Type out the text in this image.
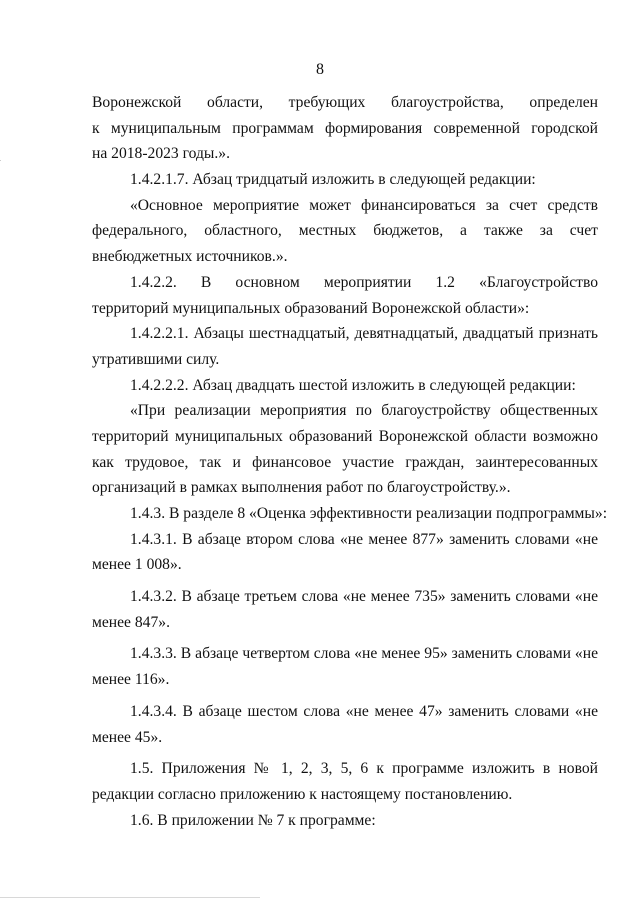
8
Воронежской области, требующих благоустройства, определен
к муниципальным программам формирования современной городской
на 2018-2023 годы.».
1.4.2.1.7. Абзац тридцатый изложить в следующей редакции:
«Основное мероприятие может финансироваться за счет средств
федерального, областного, местных бюджетов, а также за счет
внебюджетных источников.».
1.4.2.2. В основном мероприятии 1.2 «Благоустройство
территорий муниципальных образований Воронежской области»:
1.4.2.2.1. Абзацы шестнадцатый, девятнадцатый, двадцатый признать
утратившими силу.
1.4.2.2.2. Абзац двадцать шестой изложить в следующей редакции:
«При реализации мероприятия по благоустройству общественных
территорий муниципальных образований Воронежской области возможно
как трудовое, так и финансовое участие граждан, заинтересованных
организаций в рамках выполнения работ по благоустройству.».
1.4.3. В разделе 8 «Оценка эффективности реализации подпрограммы»:
1.4.3.1. В абзаце втором слова «не менее 877» заменить словами «не
менее 1 008».
1.4.3.2. В абзаце третьем слова «не менее 735» заменить словами «не
менее 847».
1.4.3.3. В абзаце четвертом слова «не менее 95» заменить словами «не
менее 116».
1.4.3.4. В абзаце шестом слова «не менее 47» заменить словами «не
менее 45».
1.5. Приложения № 1, 2, 3, 5, 6 к программе изложить в новой
редакции согласно приложению к настоящему постановлению.
1.6. В приложении № 7 к программе:
